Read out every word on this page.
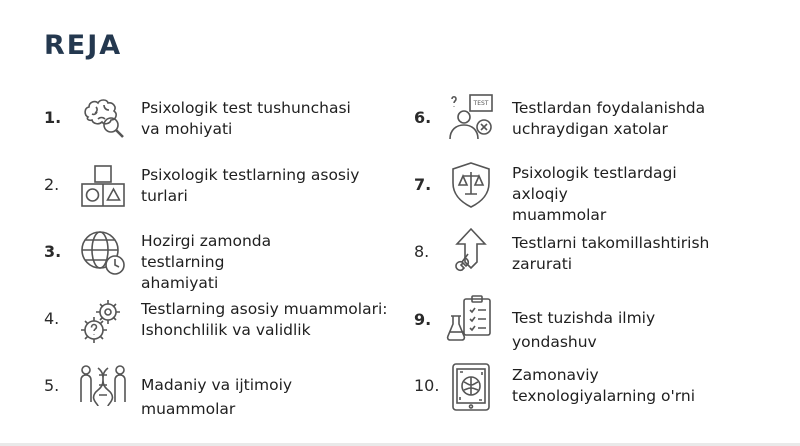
REJA
1.	Psixologik test tushunchasi
va mohiyati
2.	Psixologik testlarning asosiy
turlari
3.
Hozirgi zamonda
testlarning
ahamiyati
4.	Testlarning asosiy muammolari:
Ishonchlilik va validlik
5.	Madaniy va ijtimoiy
muammolar
6.
TEST Testlardan foydalanishda
uchraydigan xatolar
7.
Psixologik testlardagi
axloqiy
muammolar
8.	Testlarni takomillashtirish
zarurati
9.	Test tuzishda ilmiy
yondashuv
10.
Zamonaviy
texnologiyalarning o'rni
